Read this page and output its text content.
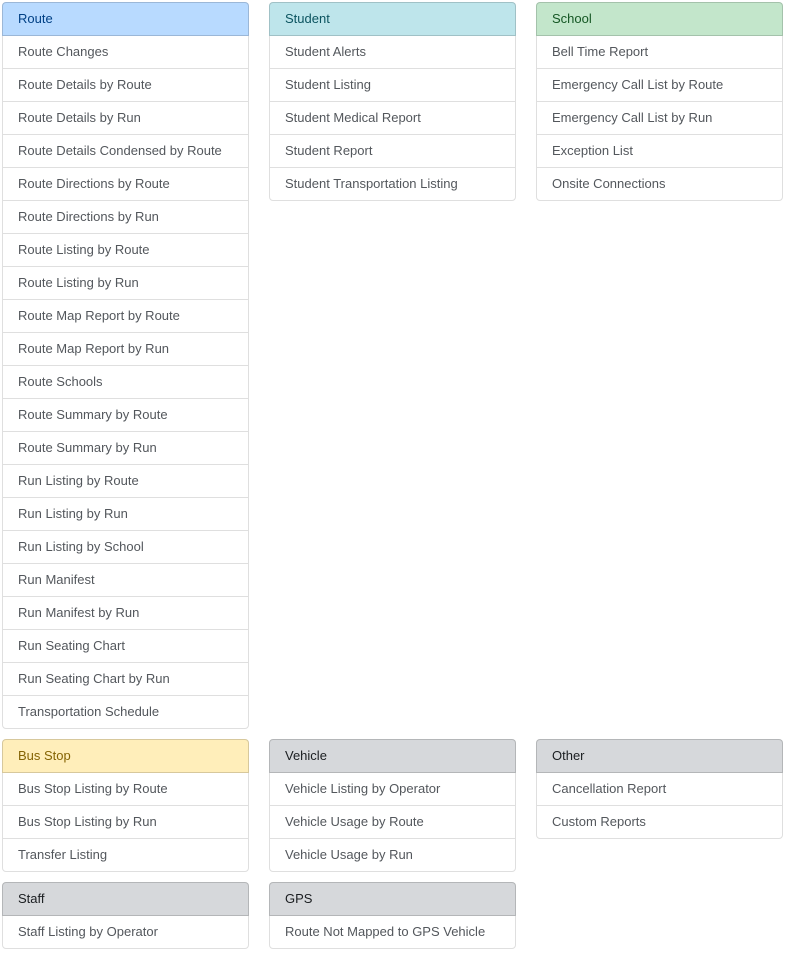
Route
Route Changes
Route Details by Route
Route Details by Run
Route Details Condensed by Route
Route Directions by Route
Route Directions by Run
Route Listing by Route
Route Listing by Run
Route Map Report by Route
Route Map Report by Run
Route Schools
Route Summary by Route
Route Summary by Run
Run Listing by Route
Run Listing by Run
Run Listing by School
Run Manifest
Run Manifest by Run
Run Seating Chart
Run Seating Chart by Run
Transportation Schedule
Student
Student Alerts
Student Listing
Student Medical Report
Student Report
Student Transportation Listing
School
Bell Time Report
Emergency Call List by Route
Emergency Call List by Run
Exception List
Onsite Connections
Bus Stop
Bus Stop Listing by Route
Bus Stop Listing by Run
Transfer Listing
Vehicle
Vehicle Listing by Operator
Vehicle Usage by Route
Vehicle Usage by Run
Other
Cancellation Report
Custom Reports
Staff
Staff Listing by Operator
GPS
Route Not Mapped to GPS Vehicle
